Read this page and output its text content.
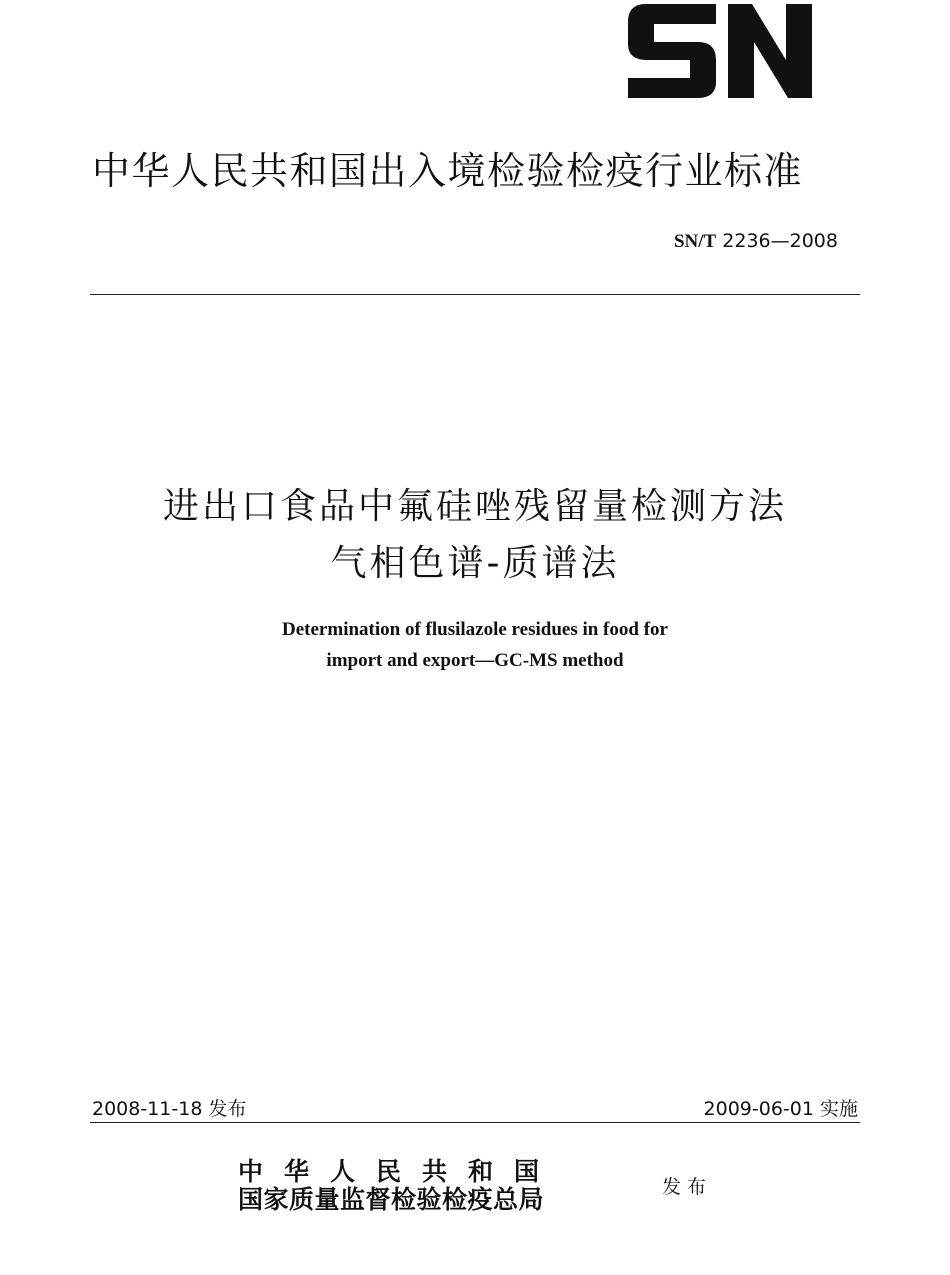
中华人民共和国出入境检验检疫行业标准
SN/T 2236—2008
进出口食品中氟硅唑残留量检测方法
气相色谱-质谱法
Determination of flusilazole residues in food for
import and export—GC-MS method
2008-11-18 发布	2009-06-01 实施
中华人民共和国
国家质量监督检验检疫总局	发布
